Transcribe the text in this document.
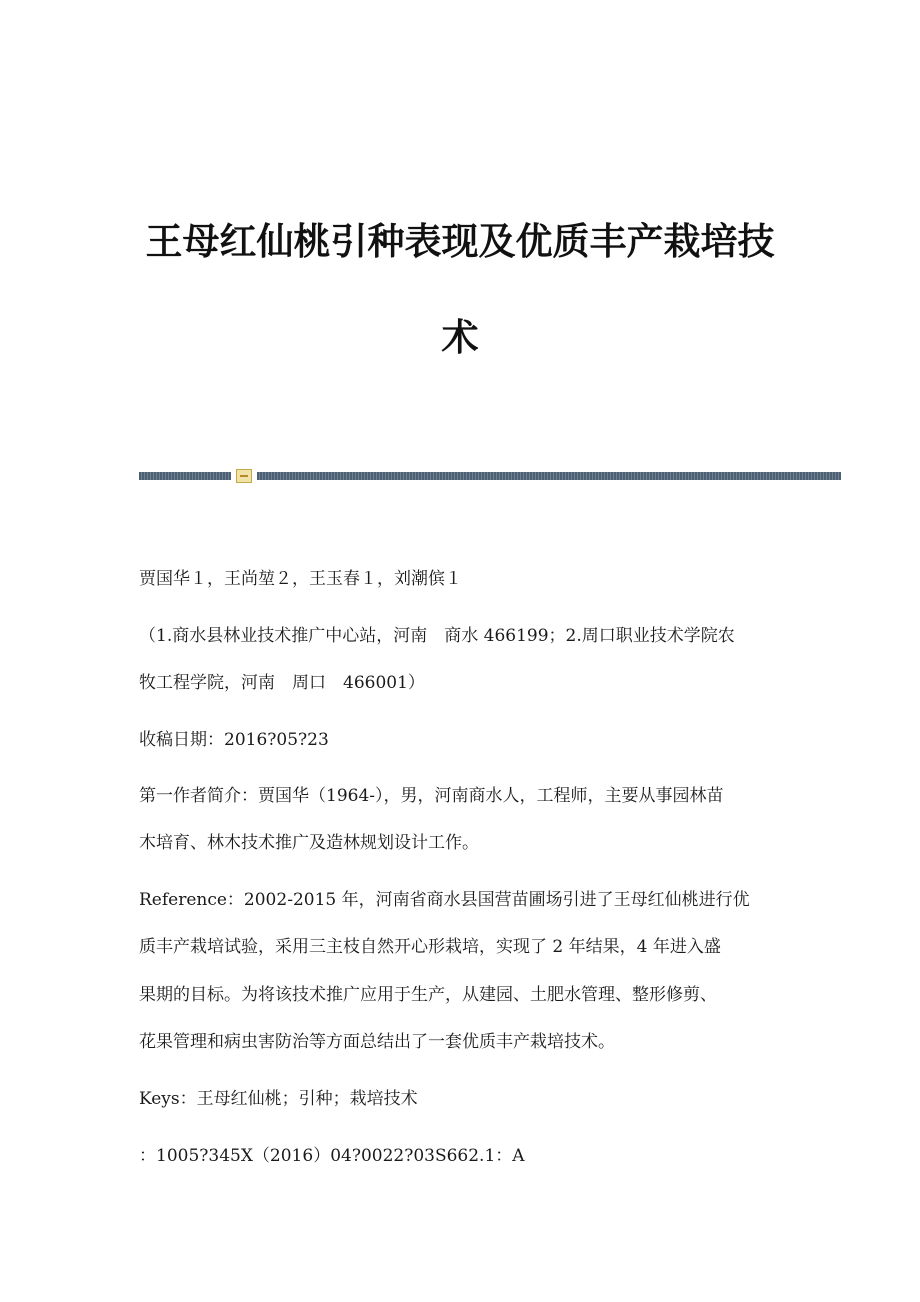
王母红仙桃引种表现及优质丰产栽培技
术

贾国华１，王尚堃２，王玉春１，刘潮傧１

（1.商水县林业技术推广中心站，河南　商水 466199；2.周口职业技术学院农

牧工程学院，河南　周口　466001）

收稿日期：2016?05?23

第一作者简介：贾国华（1964-），男，河南商水人，工程师，主要从事园林苗

木培育、林木技术推广及造林规划设计工作。

Reference：2002-2015 年，河南省商水县国营苗圃场引进了王母红仙桃进行优

质丰产栽培试验，采用三主枝自然开心形栽培，实现了 2 年结果，4 年进入盛

果期的目标。为将该技术推广应用于生产，从建园、土肥水管理、整形修剪、

花果管理和病虫害防治等方面总结出了一套优质丰产栽培技术。

Keys：王母红仙桃；引种；栽培技术

：1005?345X（2016）04?0022?03S662.1：A
